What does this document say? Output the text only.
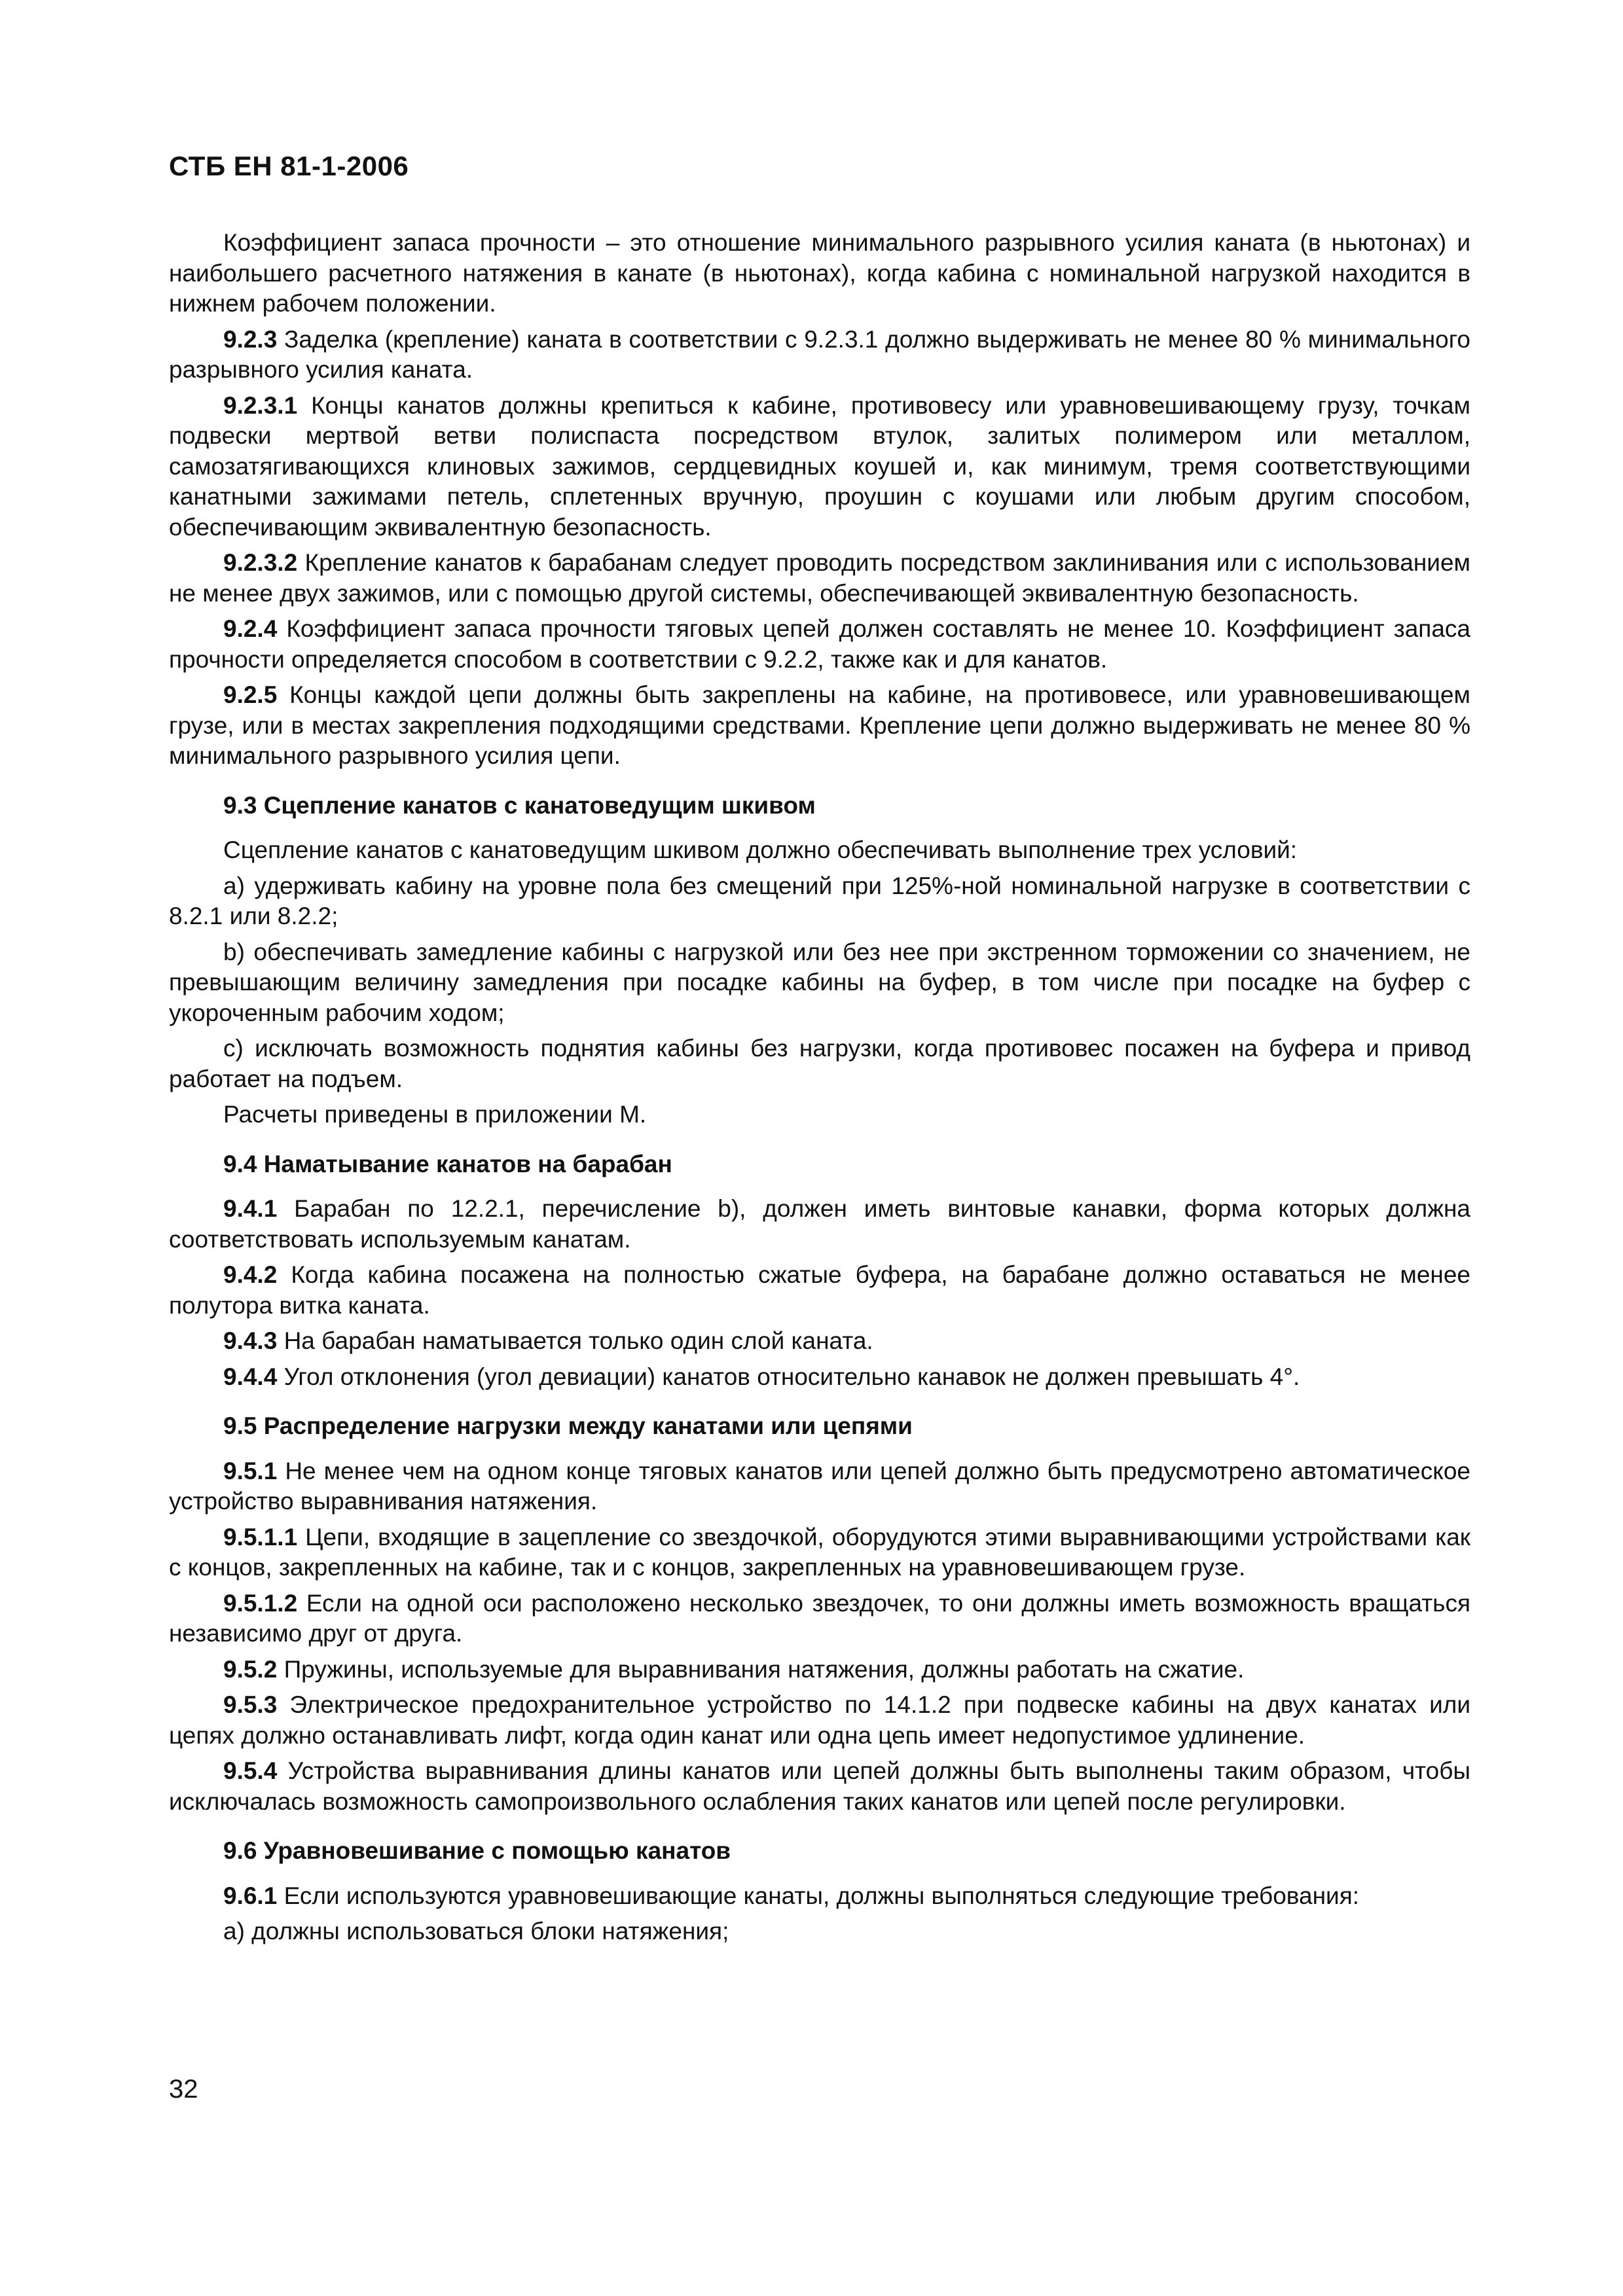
СТБ ЕН 81-1-2006

Коэффициент запаса прочности – это отношение минимального разрывного усилия каната (в ньютонах) и наибольшего расчетного натяжения в канате (в ньютонах), когда кабина с номинальной нагрузкой находится в нижнем рабочем положении.

9.2.3 Заделка (крепление) каната в соответствии с 9.2.3.1 должно выдерживать не менее 80 % минимального разрывного усилия каната.

9.2.3.1 Концы канатов должны крепиться к кабине, противовесу или уравновешивающему грузу, точкам подвески мертвой ветви полиспаста посредством втулок, залитых полимером или металлом, самозатягивающихся клиновых зажимов, сердцевидных коушей и, как минимум, тремя соответствующими канатными зажимами петель, сплетенных вручную, проушин с коушами или любым другим способом, обеспечивающим эквивалентную безопасность.

9.2.3.2 Крепление канатов к барабанам следует проводить посредством заклинивания или с использованием не менее двух зажимов, или с помощью другой системы, обеспечивающей эквивалентную безопасность.

9.2.4 Коэффициент запаса прочности тяговых цепей должен составлять не менее 10. Коэффициент запаса прочности определяется способом в соответствии с 9.2.2, также как и для канатов.

9.2.5 Концы каждой цепи должны быть закреплены на кабине, на противовесе, или уравновешивающем грузе, или в местах закрепления подходящими средствами. Крепление цепи должно выдерживать не менее 80 % минимального разрывного усилия цепи.

9.3 Сцепление канатов с канатоведущим шкивом

Сцепление канатов с канатоведущим шкивом должно обеспечивать выполнение трех условий:

a) удерживать кабину на уровне пола без смещений при 125%-ной номинальной нагрузке в соответствии с 8.2.1 или 8.2.2;

b) обеспечивать замедление кабины с нагрузкой или без нее при экстренном торможении со значением, не превышающим величину замедления при посадке кабины на буфер, в том числе при посадке на буфер с укороченным рабочим ходом;

c) исключать возможность поднятия кабины без нагрузки, когда противовес посажен на буфера и привод работает на подъем.

Расчеты приведены в приложении М.

9.4 Наматывание канатов на барабан

9.4.1 Барабан по 12.2.1, перечисление b), должен иметь винтовые канавки, форма которых должна соответствовать используемым канатам.

9.4.2 Когда кабина посажена на полностью сжатые буфера, на барабане должно оставаться не менее полутора витка каната.

9.4.3 На барабан наматывается только один слой каната.

9.4.4 Угол отклонения (угол девиации) канатов относительно канавок не должен превышать 4°.

9.5 Распределение нагрузки между канатами или цепями

9.5.1 Не менее чем на одном конце тяговых канатов или цепей должно быть предусмотрено автоматическое устройство выравнивания натяжения.

9.5.1.1 Цепи, входящие в зацепление со звездочкой, оборудуются этими выравнивающими устройствами как с концов, закрепленных на кабине, так и с концов, закрепленных на уравновешивающем грузе.

9.5.1.2 Если на одной оси расположено несколько звездочек, то они должны иметь возможность вращаться независимо друг от друга.

9.5.2 Пружины, используемые для выравнивания натяжения, должны работать на сжатие.

9.5.3 Электрическое предохранительное устройство по 14.1.2 при подвеске кабины на двух канатах или цепях должно останавливать лифт, когда один канат или одна цепь имеет недопустимое удлинение.

9.5.4 Устройства выравнивания длины канатов или цепей должны быть выполнены таким образом, чтобы исключалась возможность самопроизвольного ослабления таких канатов или цепей после регулировки.

9.6 Уравновешивание с помощью канатов

9.6.1 Если используются уравновешивающие канаты, должны выполняться следующие требования:

a) должны использоваться блоки натяжения;

32
